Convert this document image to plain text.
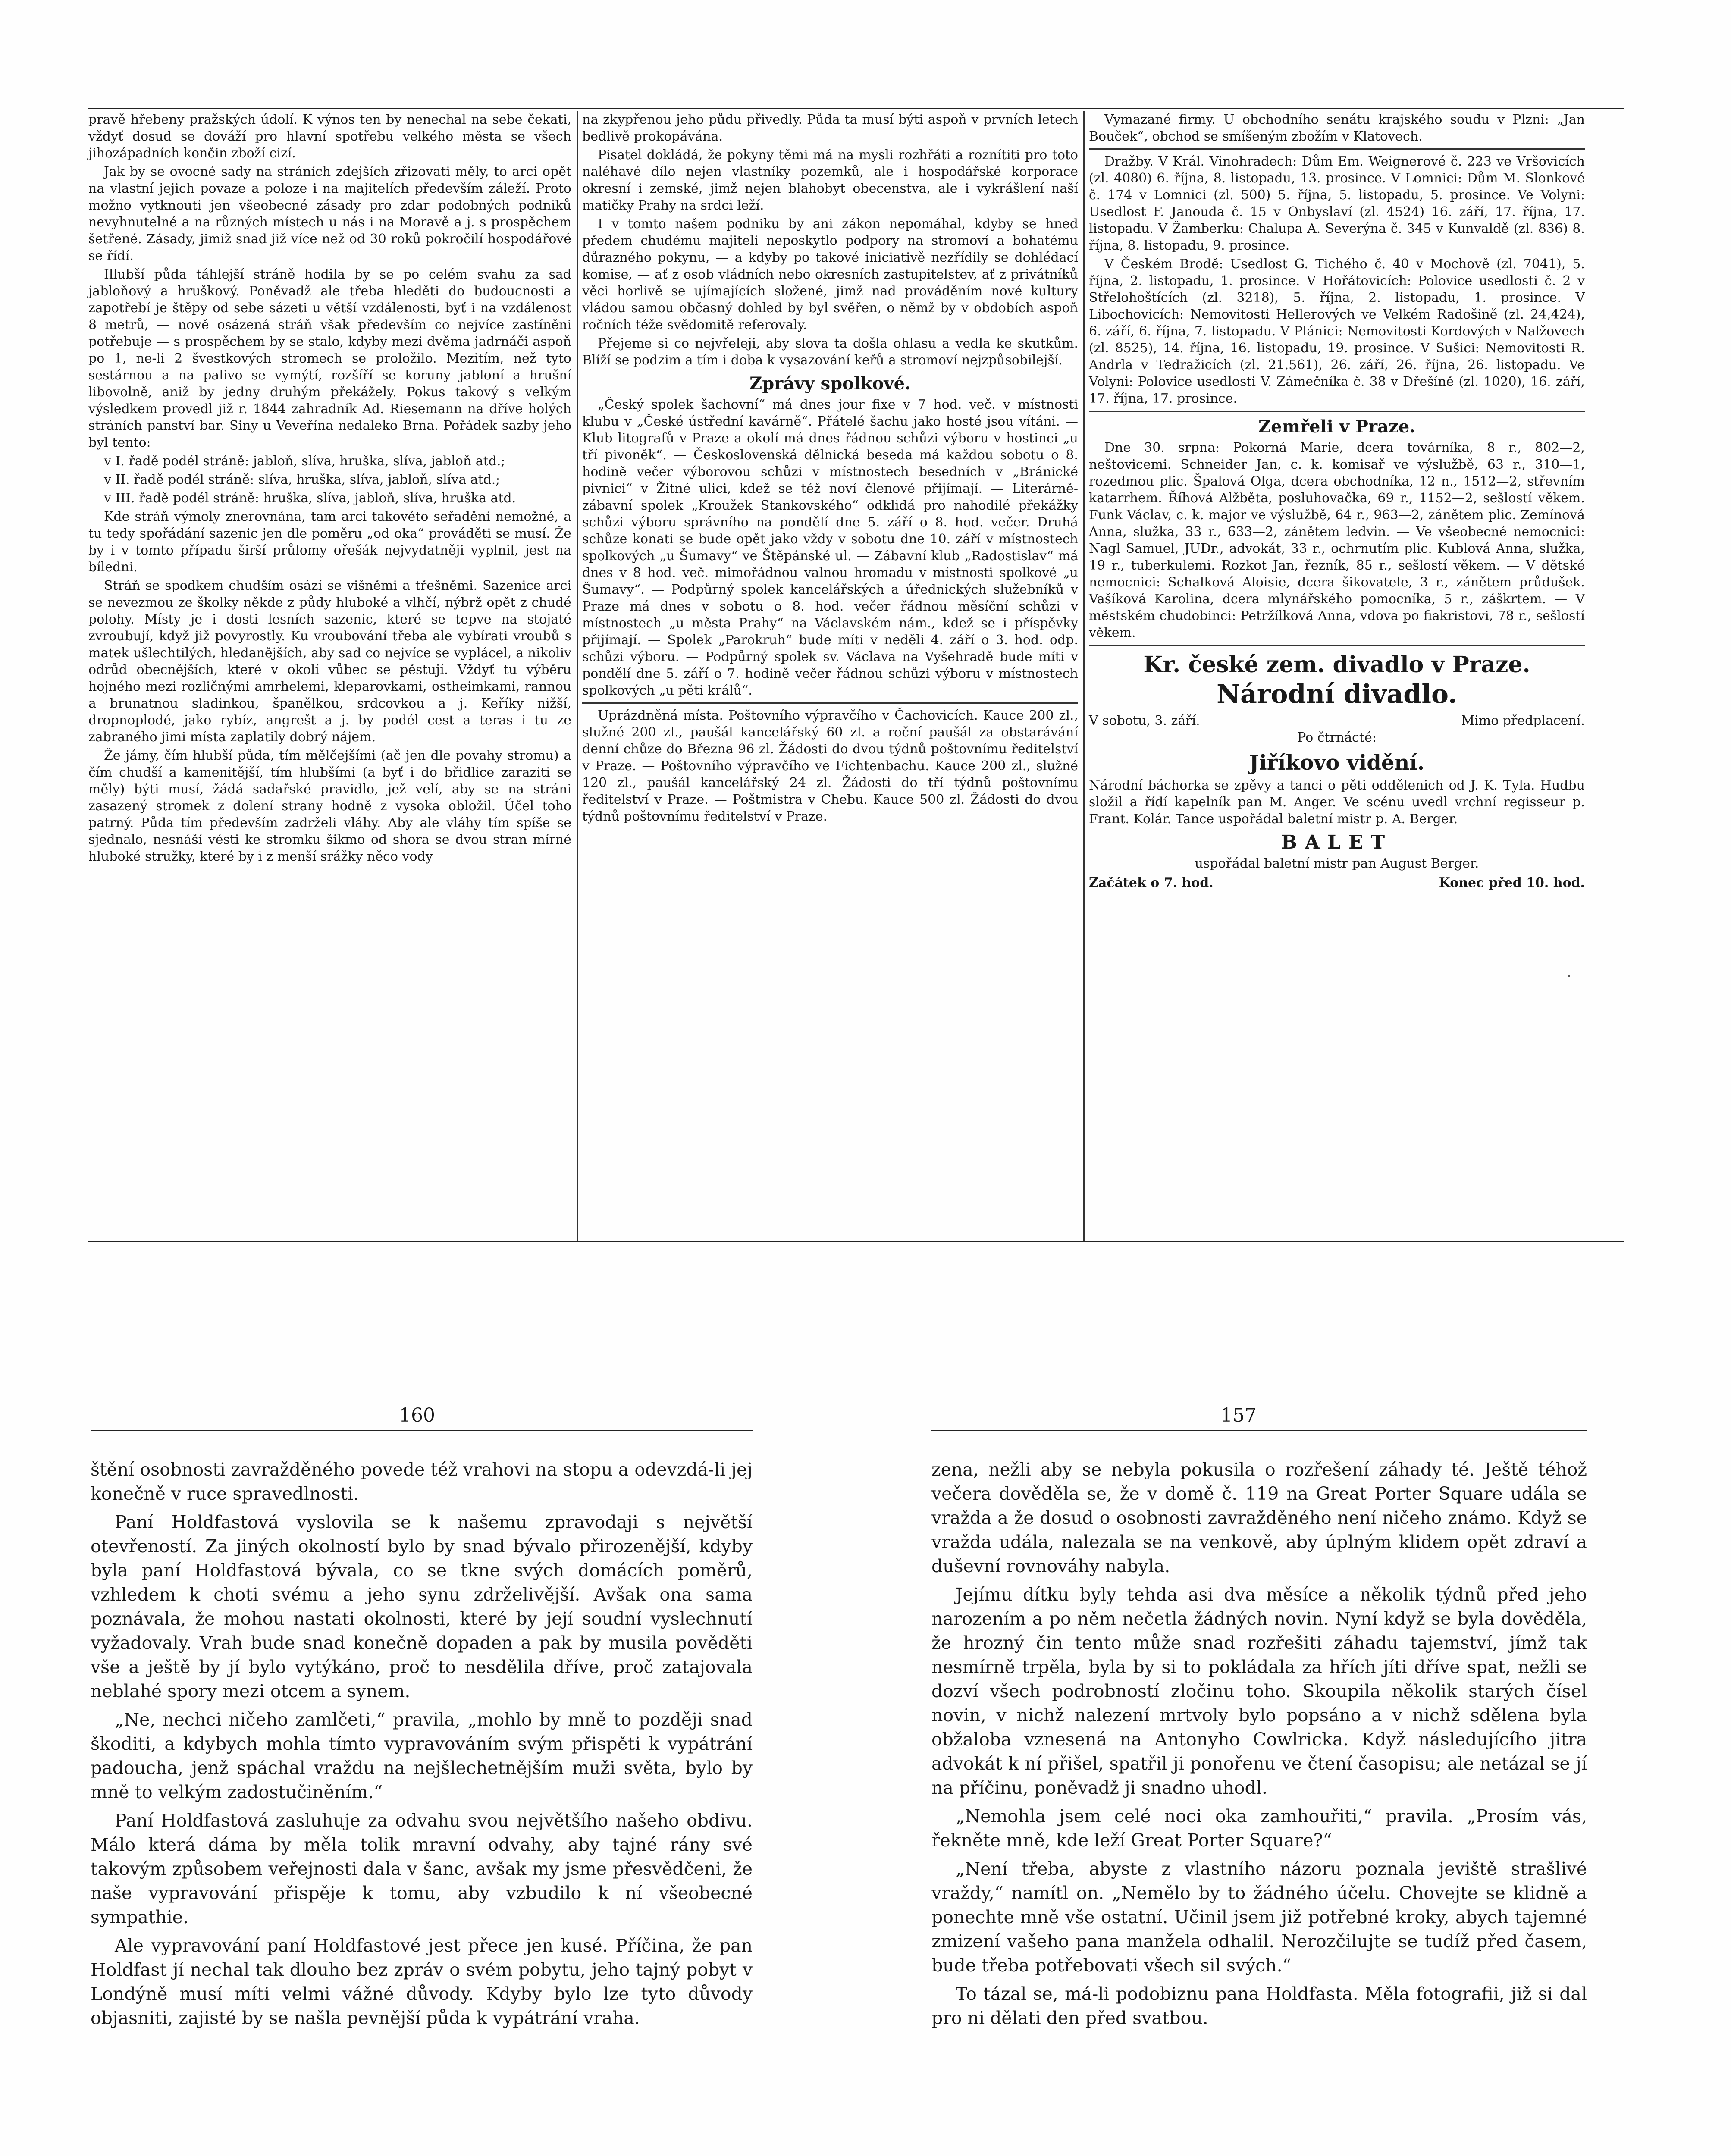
pravě hřebeny pražských údolí. K výnos ten by nenechal na sebe čekati, vždyť dosud se dováží pro hlavní spotřebu velkého města se všech jihozápadních končin zboží cizí.

Jak by se ovocné sady na stráních zdejších zřizovati měly, to arci opět na vlastní jejich povaze a poloze i na majitelích především záleží. Proto možno vytknouti jen všeobecné zásady pro zdar podobných podniků nevyhnutelné a na různých místech u nás i na Moravě a j. s prospěchem šetřené. Zásady, jimiž snad již více než od 30 roků pokročilí hospodářové se řídí.

Illubší půda táhlejší stráně hodila by se po celém svahu za sad jabloňový a hruškový. Poněvadž ale třeba hleděti do budoucnosti a zapotřebí je štěpy od sebe sázeti u větší vzdálenosti, byť i na vzdálenost 8 metrů, — nově osázená stráň však především co nejvíce zastíněni potřebuje — s prospěchem by se stalo, kdyby mezi dvěma jadrnáči aspoň po 1, ne-li 2 švestkových stromech se proložilo. Mezitím, než tyto sestárnou a na palivo se vymýtí, rozšíří se koruny jabloní a hrušní libovolně, aniž by jedny druhým překážely. Pokus takový s velkým výsledkem provedl již r. 1844 zahradník Ad. Riesemann na dříve holých stráních panství bar. Siny u Veveřína nedaleko Brna. Pořádek sazby jeho byl tento:

v I. řadě podél stráně: jabloň, slíva, hruška, slíva, jabloň atd.;

v II. řadě podél stráně: slíva, hruška, slíva, jabloň, slíva atd.;

v III. řadě podél stráně: hruška, slíva, jabloň, slíva, hruška atd.

Kde stráň výmoly znerovnána, tam arci takovéto seřadění nemožné, a tu tedy spořádání sazenic jen dle poměru „od oka“ prováděti se musí. Že by i v tomto případu širší průlomy ořešák nejvydatněji vyplnil, jest na bíledni.

Stráň se spodkem chudším osází se višněmi a třešněmi. Sazenice arci se nevezmou ze školky někde z půdy hluboké a vlhčí, nýbrž opět z chudé polohy. Místy je i dosti lesních sazenic, které se tepve na stojaté zvroubují, když již povyrostly. Ku vroubování třeba ale vybírati vroubů s matek ušlechtilých, hledanějších, aby sad co nejvíce se vyplácel, a nikoliv odrůd obecnějších, které v okolí vůbec se pěstují. Vždyť tu výběru hojného mezi rozličnými amrhelemi, kleparovkami, ostheimkami, rannou a brunatnou sladinkou, španělkou, srdcovkou a j. Keříky nižší, dropnoplodé, jako rybíz, angrešt a j. by podél cest a teras i tu ze zabraného jimi místa zaplatily dobrý nájem.

Že jámy, čím hlubší půda, tím mělčejšími (ač jen dle povahy stromu) a čím chudší a kamenitější, tím hlubšími (a byť i do břidlice zaraziti se měly) býti musí, žádá sadařské pravidlo, jež velí, aby se na stráni zasazený stromek z dolení strany hodně z vysoka obložil. Účel toho patrný. Půda tím především zadrželi vláhy. Aby ale vláhy tím spíše se sjednalo, nesnáší vésti ke stromku šikmo od shora se dvou stran mírné hluboké stružky, které by i z menší srážky něco vody

na zkypřenou jeho půdu přivedly. Půda ta musí býti aspoň v prvních letech bedlivě prokopávána.

Pisatel dokládá, že pokyny těmi má na mysli rozhřáti a roznítiti pro toto naléhavé dílo nejen vlastníky pozemků, ale i hospodářské korporace okresní i zemské, jimž nejen blahobyt obecenstva, ale i vykrášlení naší matičky Prahy na srdci leží.

I v tomto našem podniku by ani zákon nepomáhal, kdyby se hned předem chudému majiteli neposkytlo podpory na stromoví a bohatému důrazného pokynu, — a kdyby po takové iniciativě nezřídily se dohlédací komise, — ať z osob vládních nebo okresních zastupitelstev, ať z privátníků věci horlivě se ujímajících složené, jimž nad prováděním nové kultury vládou samou občasný dohled by byl svěřen, o němž by v obdobích aspoň ročních téže svědomitě referovaly.

Přejeme si co nejvřeleji, aby slova ta došla ohlasu a vedla ke skutkům. Blíží se podzim a tím i doba k vysazování keřů a stromoví nejzpůsobilejší.

Zprávy spolkové.

„Český spolek šachovní“ má dnes jour fixe v 7 hod. več. v místnosti klubu v „České ústřední kavárně“. Přátelé šachu jako hosté jsou vítáni. — Klub litografů v Praze a okolí má dnes řádnou schůzi výboru v hostinci „u tří pivoněk“. — Československá dělnická beseda má každou sobotu o 8. hodině večer výborovou schůzi v místnostech besedních v „Bránické pivnici“ v Žitné ulici, kdež se též noví členové přijímají. — Literárně-zábavní spolek „Kroužek Stankovského“ odklidá pro nahodilé překážky schůzi výboru správního na pondělí dne 5. září o 8. hod. večer. Druhá schůze konati se bude opět jako vždy v sobotu dne 10. září v místnostech spolkových „u Šumavy“ ve Štěpánské ul. — Zábavní klub „Radostislav“ má dnes v 8 hod. več. mimořádnou valnou hromadu v místnosti spolkové „u Šumavy“. — Podpůrný spolek kancelářských a úřednických služebníků v Praze má dnes v sobotu o 8. hod. večer řádnou měsíční schůzi v místnostech „u města Prahy“ na Václavském nám., kdež se i příspěvky přijímají. — Spolek „Parokruh“ bude míti v neděli 4. září o 3. hod. odp. schůzi výboru. — Podpůrný spolek sv. Václava na Vyšehradě bude míti v pondělí dne 5. září o 7. hodině večer řádnou schůzi výboru v místnostech spolkových „u pěti králů“.

Uprázdněná místa. Poštovního výpravčího v Čachovicích. Kauce 200 zl., služné 200 zl., paušál kancelářský 60 zl. a roční paušál za obstarávání denní chůze do Března 96 zl. Žádosti do dvou týdnů poštovnímu ředitelství v Praze. — Poštovního výpravčího ve Fichtenbachu. Kauce 200 zl., služné 120 zl., paušál kancelářský 24 zl. Žádosti do tří týdnů poštovnímu ředitelství v Praze. — Poštmistra v Chebu. Kauce 500 zl. Žádosti do dvou týdnů poštovnímu ředitelství v Praze.

Vymazané firmy. U obchodního senátu krajského soudu v Plzni: „Jan Bouček“, obchod se smíšeným zbožím v Klatovech.

Dražby. V Král. Vinohradech: Dům Em. Weignerové č. 223 ve Vršovicích (zl. 4080) 6. října, 8. listopadu, 13. prosince. V Lomnici: Dům M. Slonkové č. 174 v Lomnici (zl. 500) 5. října, 5. listopadu, 5. prosince. Ve Volyni: Usedlost F. Janouda č. 15 v Onbyslaví (zl. 4524) 16. září, 17. října, 17. listopadu. V Žamberku: Chalupa A. Severýna č. 345 v Kunvaldě (zl. 836) 8. října, 8. listopadu, 9. prosince.

V Českém Brodě: Usedlost G. Tichého č. 40 v Mochově (zl. 7041), 5. října, 2. listopadu, 1. prosince. V Hořátovicích: Polovice usedlosti č. 2 v Střelohoštících (zl. 3218), 5. října, 2. listopadu, 1. prosince. V Libochovicích: Nemovitosti Hellerových ve Velkém Radošině (zl. 24,424), 6. září, 6. října, 7. listopadu. V Plánici: Nemovitosti Kordových v Nalžovech (zl. 8525), 14. října, 16. listopadu, 19. prosince. V Sušici: Nemovitosti R. Andrla v Tedražicích (zl. 21.561), 26. září, 26. října, 26. listopadu. Ve Volyni: Polovice usedlosti V. Zámečníka č. 38 v Dřešíně (zl. 1020), 16. září, 17. října, 17. prosince.

Zemřeli v Praze.

Dne 30. srpna: Pokorná Marie, dcera továrníka, 8 r., 802—2, neštovicemi. Schneider Jan, c. k. komisař ve výslužbě, 63 r., 310—1, rozedmou plic. Špalová Olga, dcera obchodníka, 12 n., 1512—2, střevním katarrhem. Říhová Alžběta, posluhovačka, 69 r., 1152—2, sešlostí věkem. Funk Václav, c. k. major ve výslužbě, 64 r., 963—2, zánětem plic. Zemínová Anna, služka, 33 r., 633—2, zánětem ledvin. — Ve všeobecné nemocnici: Nagl Samuel, JUDr., advokát, 33 r., ochrnutím plic. Kublová Anna, služka, 19 r., tuberkulemi. Rozkot Jan, řezník, 85 r., sešlostí věkem. — V dětské nemocnici: Schalková Aloisie, dcera šikovatele, 3 r., zánětem průdušek. Vašíková Karolina, dcera mlynářského pomocníka, 5 r., záškrtem. — V městském chudobinci: Petržílková Anna, vdova po fiakristovi, 78 r., sešlostí věkem.

Kr. české zem. divadlo v Praze.
Národní divadlo.
V sobotu, 3. září.	Mimo předplacení.
Po čtrnácté:
Jiříkovo vidění.

Národní báchorka se zpěvy a tanci o pěti oddělenich od J. K. Tyla. Hudbu složil a řídí kapelník pan M. Anger. Ve scénu uvedl vrchní regisseur p. Frant. Kolár. Tance uspořádal baletní mistr p. A. Berger.

BALET
uspořádal baletní mistr pan August Berger.
Začátek o 7. hod.	Konec před 10. hod.
160	157

štění osobnosti zavražděného povede též vrahovi na stopu a odevzdá-li jej konečně v ruce spravedlnosti.

Paní Holdfastová vyslovila se k našemu zpravodaji s největší otevřeností. Za jiných okolností bylo by snad bývalo přirozenější, kdyby byla paní Holdfastová bývala, co se tkne svých domácích poměrů, vzhledem k choti svému a jeho synu zdrželivější. Avšak ona sama poznávala, že mohou nastati okolnosti, které by její soudní vyslechnutí vyžadovaly. Vrah bude snad konečně dopaden a pak by musila pověděti vše a ještě by jí bylo vytýkáno, proč to nesdělila dříve, proč zatajovala neblahé spory mezi otcem a synem.

„Ne, nechci ničeho zamlčeti,“ pravila, „mohlo by mně to později snad škoditi, a kdybych mohla tímto vypravováním svým přispěti k vypátrání padoucha, jenž spáchal vraždu na nejšlechetnějším muži světa, bylo by mně to velkým zadostučiněním.“

Paní Holdfastová zasluhuje za odvahu svou největšího našeho obdivu. Málo která dáma by měla tolik mravní odvahy, aby tajné rány své takovým způsobem veřejnosti dala v šanc, avšak my jsme přesvědčeni, že naše vypravování přispěje k tomu, aby vzbudilo k ní všeobecné sympathie.

Ale vypravování paní Holdfastové jest přece jen kusé. Příčina, že pan Holdfast jí nechal tak dlouho bez zpráv o svém pobytu, jeho tajný pobyt v Londýně musí míti velmi vážné důvody. Kdyby bylo lze tyto důvody objasniti, zajisté by se našla pevnější půda k vypátrání vraha.

zena, nežli aby se nebyla pokusila o rozřešení záhady té. Ještě téhož večera dověděla se, že v domě č. 119 na Great Porter Square udála se vražda a že dosud o osobnosti zavražděného není ničeho známo. Když se vražda udála, nalezala se na venkově, aby úplným klidem opět zdraví a duševní rovnováhy nabyla.

Jejímu dítku byly tehda asi dva měsíce a několik týdnů před jeho narozením a po něm nečetla žádných novin. Nyní když se byla dověděla, že hrozný čin tento může snad rozřešiti záhadu tajemství, jímž tak nesmírně trpěla, byla by si to pokládala za hřích jíti dříve spat, nežli se dozví všech podrobností zločinu toho. Skoupila několik starých čísel novin, v nichž nalezení mrtvoly bylo popsáno a v nichž sdělena byla obžaloba vznesená na Antonyho Cowlricka. Když následujícího jitra advokát k ní přišel, spatřil ji ponořenu ve čtení časopisu; ale netázal se jí na příčinu, poněvadž ji snadno uhodl.

„Nemohla jsem celé noci oka zamhouřiti,“ pravila. „Prosím vás, řekněte mně, kde leží Great Porter Square?“

„Není třeba, abyste z vlastního názoru poznala jeviště strašlivé vraždy,“ namítl on. „Nemělo by to žádného účelu. Chovejte se klidně a ponechte mně vše ostatní. Učinil jsem již potřebné kroky, abych tajemné zmizení vašeho pana manžela odhalil. Nerozčilujte se tudíž před časem, bude třeba potřebovati všech sil svých.“

To tázal se, má-li podobiznu pana Holdfasta. Měla fotografii, již si dal pro ni dělati den před svatbou.
